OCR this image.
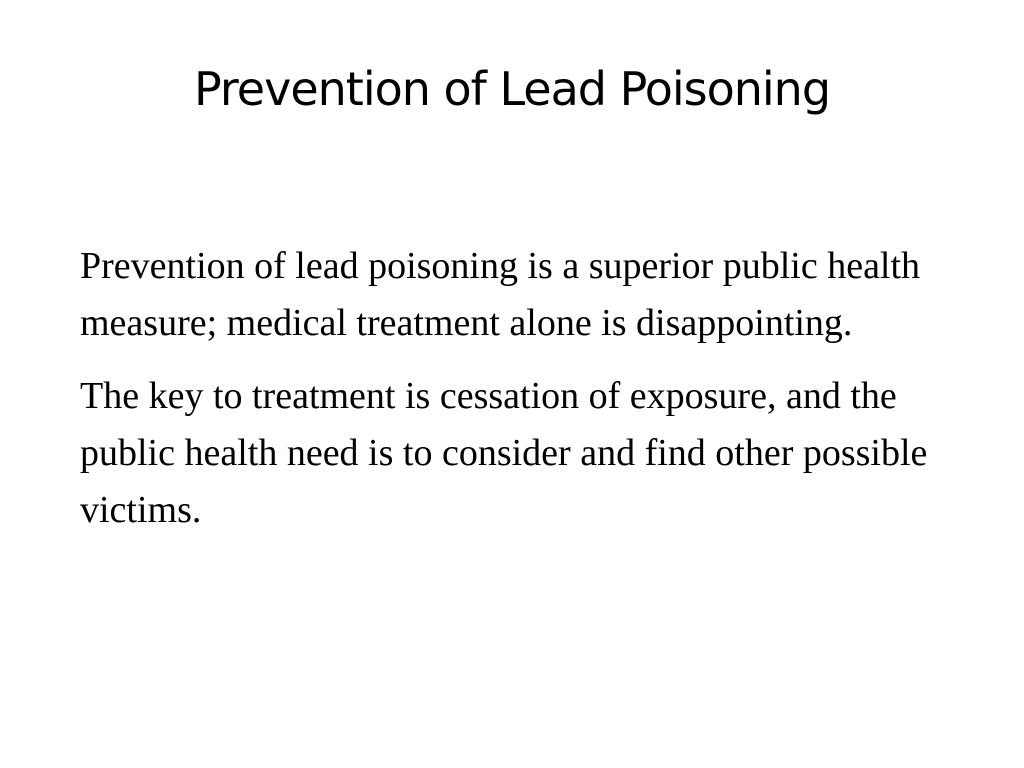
Prevention of Lead Poisoning

Prevention of lead poisoning is a superior public health measure; medical treatment alone is disappointing.

The key to treatment is cessation of exposure, and the public health need is to consider and find other possible victims.
